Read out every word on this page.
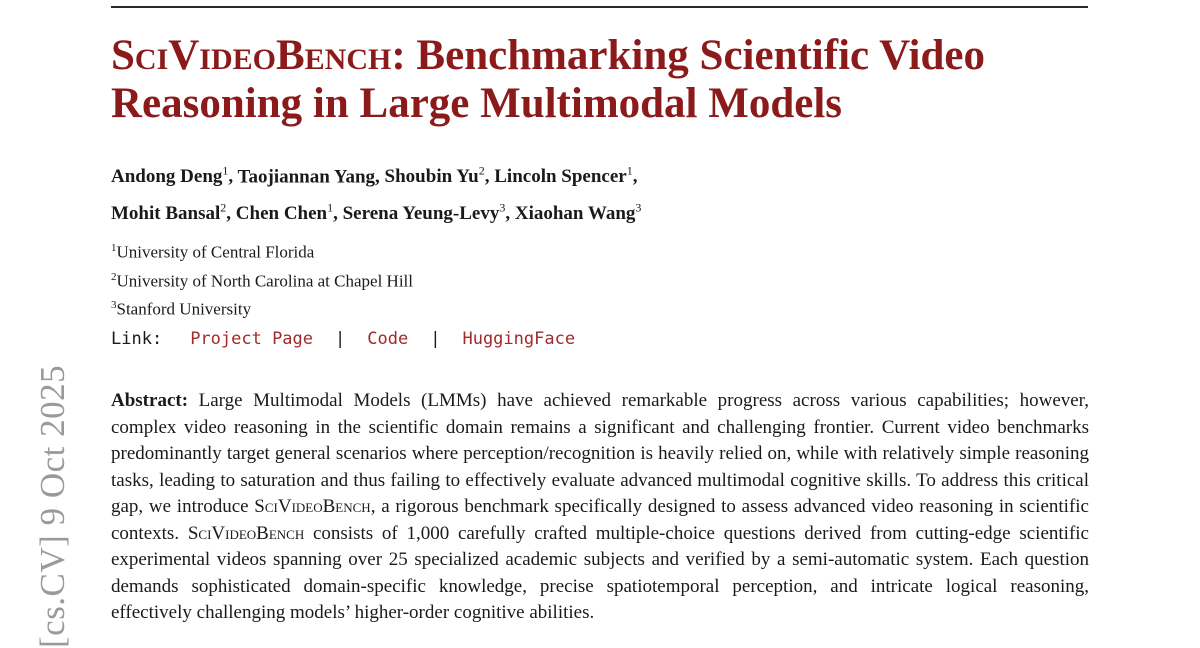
[cs.CV] 9 Oct 2025
SciVideoBench: Benchmarking Scientific Video Reasoning in Large Multimodal Models
Andong Deng$^1$, Taojiannan Yang, Shoubin Yu$^2$, Lincoln Spencer$^1$,
Mohit Bansal$^2$, Chen Chen$^1$, Serena Yeung-Levy$^3$, Xiaohan Wang$^3$
$^1$University of Central Florida
$^2$University of North Carolina at Chapel Hill
$^3$Stanford University
Link: Project Page | Code | HuggingFace
Abstract: Large Multimodal Models (LMMs) have achieved remarkable progress across various capabilities; however, complex video reasoning in the scientific domain remains a significant and challenging frontier. Current video benchmarks predominantly target general scenarios where perception/recognition is heavily relied on, while with relatively simple reasoning tasks, leading to saturation and thus failing to effectively evaluate advanced multimodal cognitive skills. To address this critical gap, we introduce SciVideoBench, a rigorous benchmark specifically designed to assess advanced video reasoning in scientific contexts. SciVideoBench consists of 1,000 carefully crafted multiple-choice questions derived from cutting-edge scientific experimental videos spanning over 25 specialized academic subjects and verified by a semi-automatic system. Each question demands sophisticated domain-specific knowledge, precise spatiotemporal perception, and intricate logical reasoning, effectively challenging models’ higher-order cognitive abilities.
